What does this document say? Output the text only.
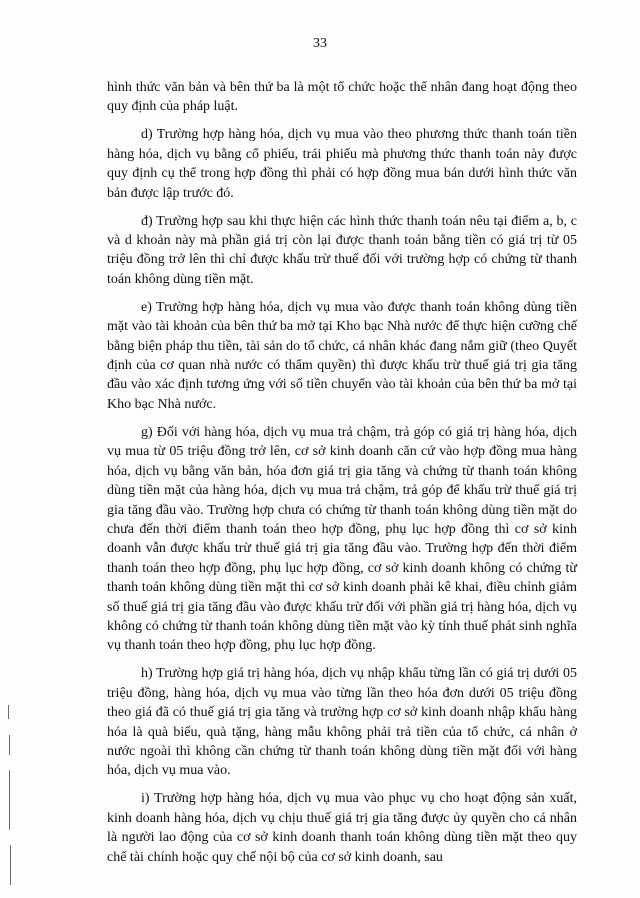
33

hình thức văn bản và bên thứ ba là một tổ chức hoặc thể nhân đang hoạt động theo quy định của pháp luật.

d) Trường hợp hàng hóa, dịch vụ mua vào theo phương thức thanh toán tiền hàng hóa, dịch vụ bằng cổ phiếu, trái phiếu mà phương thức thanh toán này được quy định cụ thể trong hợp đồng thì phải có hợp đồng mua bán dưới hình thức văn bản được lập trước đó.

đ) Trường hợp sau khi thực hiện các hình thức thanh toán nêu tại điểm a, b, c và d khoản này mà phần giá trị còn lại được thanh toán bằng tiền có giá trị từ 05 triệu đồng trở lên thì chỉ được khấu trừ thuế đối với trường hợp có chứng từ thanh toán không dùng tiền mặt.

e) Trường hợp hàng hóa, dịch vụ mua vào được thanh toán không dùng tiền mặt vào tài khoản của bên thứ ba mở tại Kho bạc Nhà nước để thực hiện cưỡng chế bằng biện pháp thu tiền, tài sản do tổ chức, cá nhân khác đang nắm giữ (theo Quyết định của cơ quan nhà nước có thẩm quyền) thì được khấu trừ thuế giá trị gia tăng đầu vào xác định tương ứng với số tiền chuyển vào tài khoản của bên thứ ba mở tại Kho bạc Nhà nước.

g) Đối với hàng hóa, dịch vụ mua trả chậm, trả góp có giá trị hàng hóa, dịch vụ mua từ 05 triệu đồng trở lên, cơ sở kinh doanh căn cứ vào hợp đồng mua hàng hóa, dịch vụ bằng văn bản, hóa đơn giá trị gia tăng và chứng từ thanh toán không dùng tiền mặt của hàng hóa, dịch vụ mua trả chậm, trả góp để khấu trừ thuế giá trị gia tăng đầu vào. Trường hợp chưa có chứng từ thanh toán không dùng tiền mặt do chưa đến thời điểm thanh toán theo hợp đồng, phụ lục hợp đồng thì cơ sở kinh doanh vẫn được khấu trừ thuế giá trị gia tăng đầu vào. Trường hợp đến thời điểm thanh toán theo hợp đồng, phụ lục hợp đồng, cơ sở kinh doanh không có chứng từ thanh toán không dùng tiền mặt thì cơ sở kinh doanh phải kê khai, điều chỉnh giảm số thuế giá trị gia tăng đầu vào được khấu trừ đối với phần giá trị hàng hóa, dịch vụ không có chứng từ thanh toán không dùng tiền mặt vào kỳ tính thuế phát sinh nghĩa vụ thanh toán theo hợp đồng, phụ lục hợp đồng.

h) Trường hợp giá trị hàng hóa, dịch vụ nhập khẩu từng lần có giá trị dưới 05 triệu đồng, hàng hóa, dịch vụ mua vào từng lần theo hóa đơn dưới 05 triệu đồng theo giá đã có thuế giá trị gia tăng và trường hợp cơ sở kinh doanh nhập khẩu hàng hóa là quà biếu, quà tặng, hàng mẫu không phải trả tiền của tổ chức, cá nhân ở nước ngoài thì không cần chứng từ thanh toán không dùng tiền mặt đối với hàng hóa, dịch vụ mua vào.

i) Trường hợp hàng hóa, dịch vụ mua vào phục vụ cho hoạt động sản xuất, kinh doanh hàng hóa, dịch vụ chịu thuế giá trị gia tăng được ủy quyền cho cá nhân là người lao động của cơ sở kinh doanh thanh toán không dùng tiền mặt theo quy chế tài chính hoặc quy chế nội bộ của cơ sở kinh doanh, sau
